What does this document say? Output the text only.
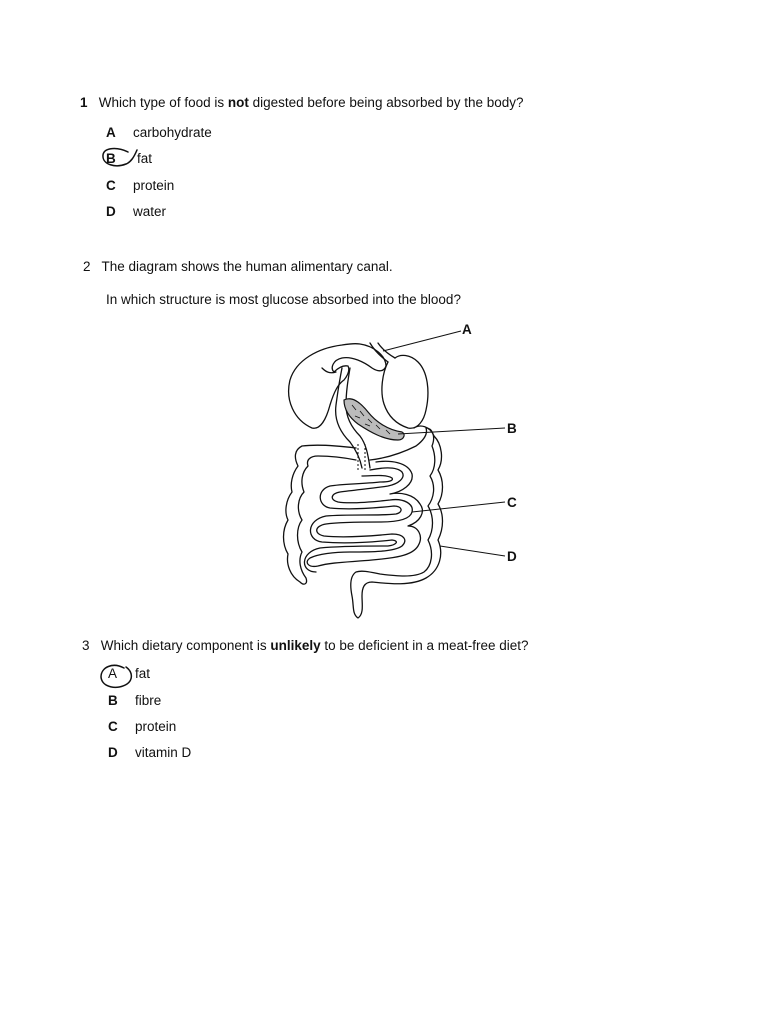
1 Which type of food is not digested before being absorbed by the body?
A carbohydrate
B fat
C protein
D water
2 The diagram shows the human alimentary canal.
In which structure is most glucose absorbed into the blood?
3 Which dietary component is unlikely to be deficient in a meat-free diet?
A fat
B fibre
C protein
D vitamin D
A
B
C
D
